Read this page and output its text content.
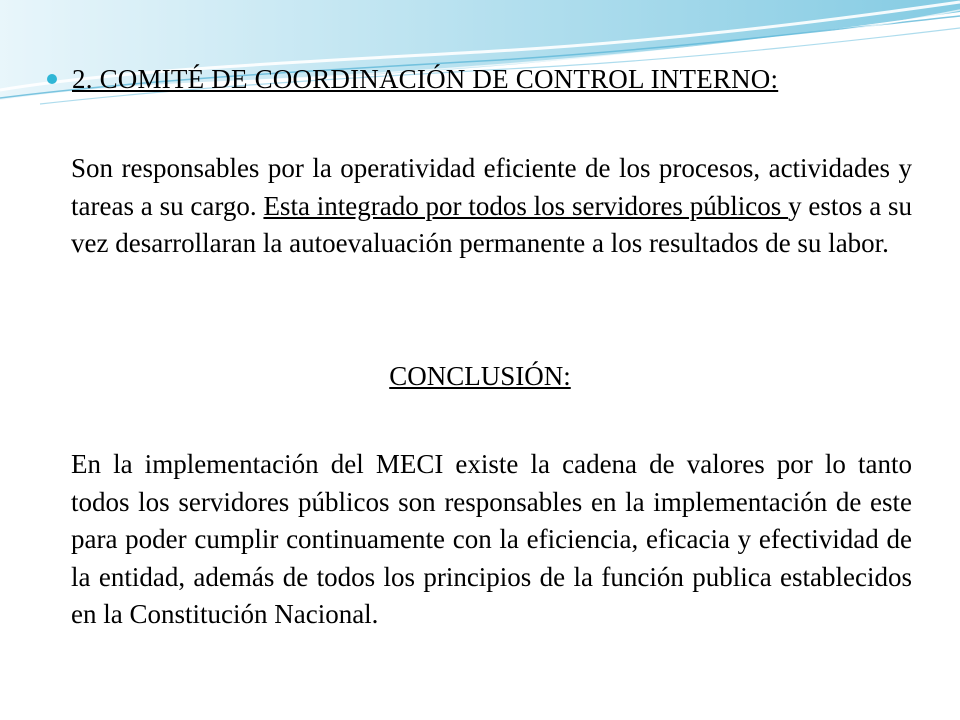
2. COMITÉ DE COORDINACIÓN DE CONTROL INTERNO:
Son responsables por la operatividad eficiente de los procesos, actividades y tareas a su cargo. Esta integrado por todos los servidores públicos y estos a su vez desarrollaran la autoevaluación permanente a los resultados de su labor.
CONCLUSIÓN:
En la implementación del MECI existe la cadena de valores por lo tanto todos los servidores públicos son responsables en la implementación de este para poder cumplir continuamente con la eficiencia, eficacia y efectividad de la entidad, además de todos los principios de la función publica establecidos en la Constitución Nacional.
